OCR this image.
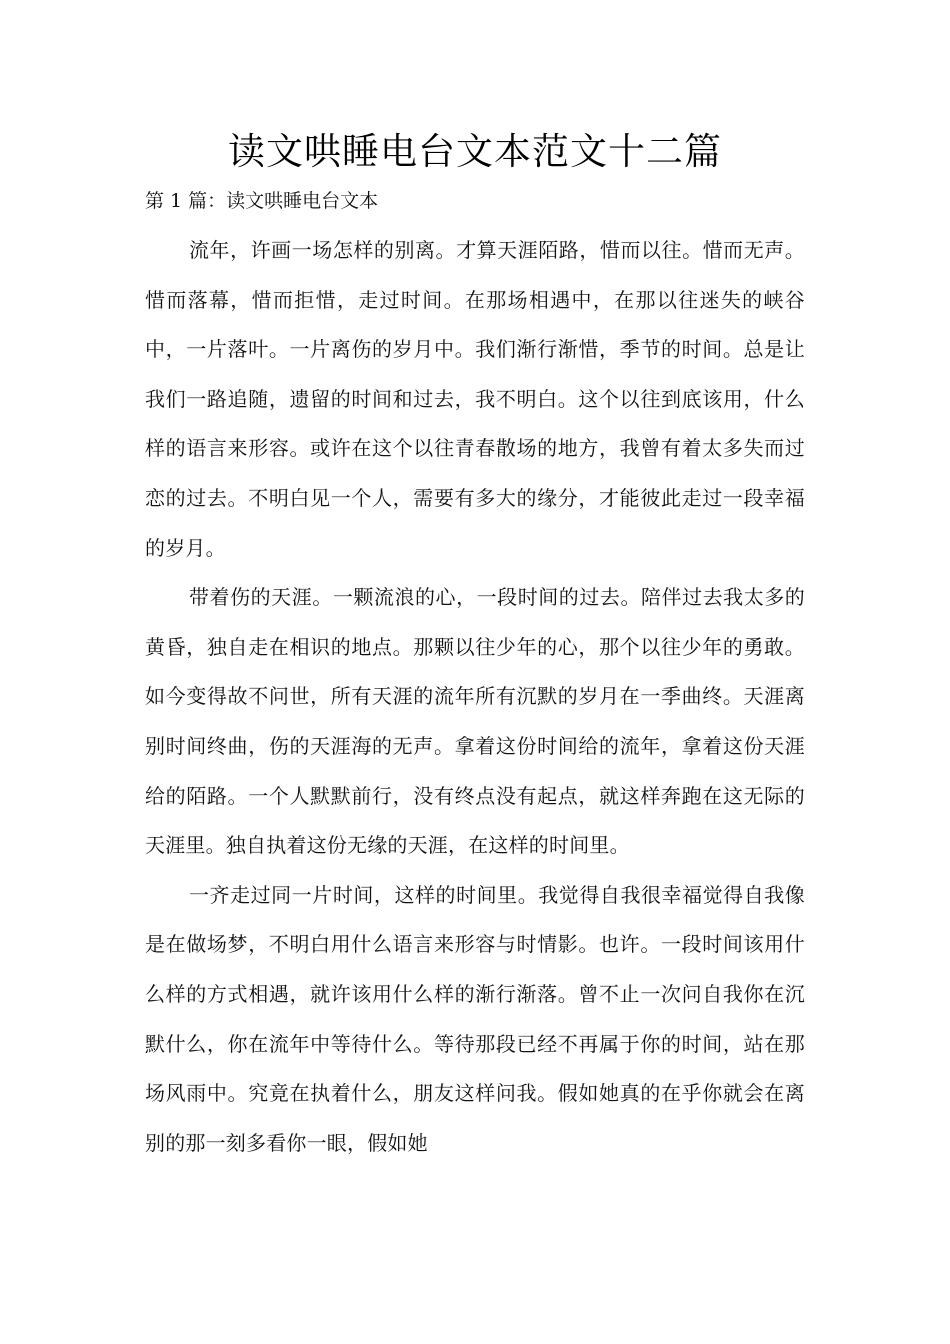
读文哄睡电台文本范文十二篇

第 1 篇：读文哄睡电台文本

流年，许画一场怎样的别离。才算天涯陌路，惜而以往。惜而无声。惜而落幕，惜而拒惜，走过时间。在那场相遇中，在那以往迷失的峡谷中，一片落叶。一片离伤的岁月中。我们渐行渐惜，季节的时间。总是让我们一路追随，遗留的时间和过去，我不明白。这个以往到底该用，什么样的语言来形容。或许在这个以往青春散场的地方，我曾有着太多失而过恋的过去。不明白见一个人，需要有多大的缘分，才能彼此走过一段幸福的岁月。

带着伤的天涯。一颗流浪的心，一段时间的过去。陪伴过去我太多的黄昏，独自走在相识的地点。那颗以往少年的心，那个以往少年的勇敢。如今变得故不问世，所有天涯的流年所有沉默的岁月在一季曲终。天涯离别时间终曲，伤的天涯海的无声。拿着这份时间给的流年，拿着这份天涯给的陌路。一个人默默前行，没有终点没有起点，就这样奔跑在这无际的天涯里。独自执着这份无缘的天涯，在这样的时间里。

一齐走过同一片时间，这样的时间里。我觉得自我很幸福觉得自我像是在做场梦，不明白用什么语言来形容与时情影。也许。一段时间该用什么样的方式相遇，就许该用什么样的渐行渐落。曾不止一次问自我你在沉默什么，你在流年中等待什么。等待那段已经不再属于你的时间，站在那场风雨中。究竟在执着什么，朋友这样问我。假如她真的在乎你就会在离别的那一刻多看你一眼，假如她
